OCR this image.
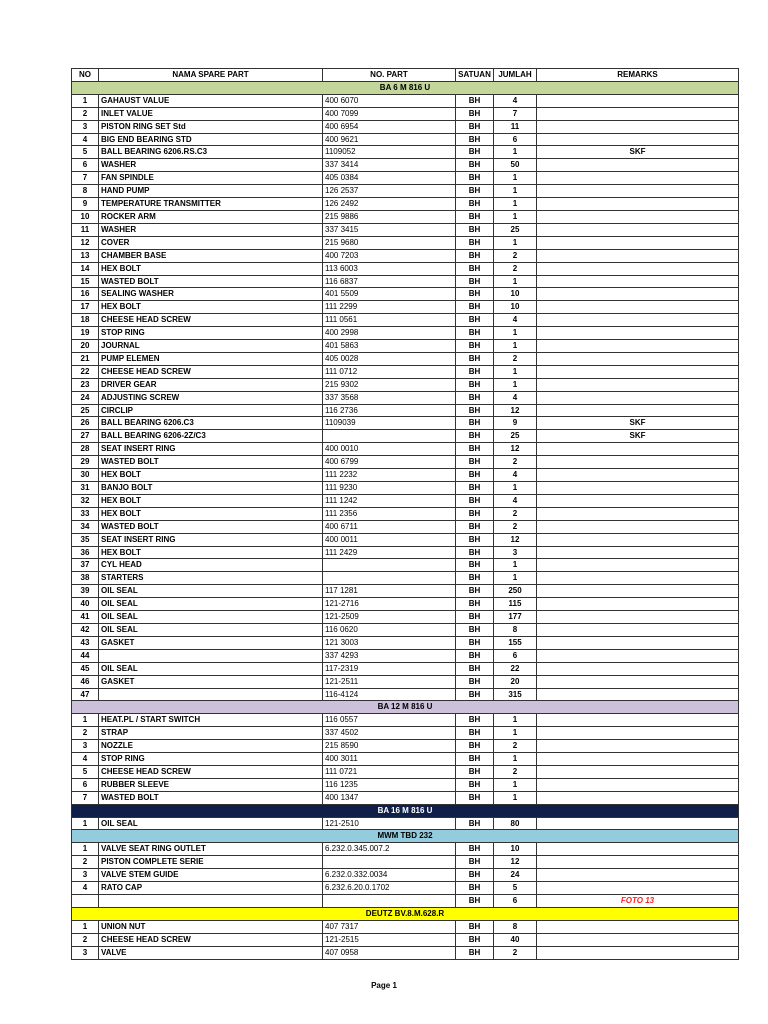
NO	NAMA SPARE PART	NO. PART	SATUAN	JUMLAH	REMARKS
BA 6 M 816 U					
1	GAHAUST VALUE	400 6070	BH	4	
2	INLET VALUE	400 7099	BH	7	
3	PISTON RING SET Std	400 6954	BH	11	
4	BIG END BEARING STD	400 9621	BH	6	
5	BALL BEARING 6206.RS.C3	1109052	BH	1	SKF
6	WASHER	337 3414	BH	50	
7	FAN SPINDLE	405 0384	BH	1	
8	HAND PUMP	126 2537	BH	1	
9	TEMPERATURE TRANSMITTER	126 2492	BH	1	
10	ROCKER ARM	215 9886	BH	1	
11	WASHER	337 3415	BH	25	
12	COVER	215 9680	BH	1	
13	CHAMBER BASE	400 7203	BH	2	
14	HEX BOLT	113 6003	BH	2	
15	WASTED BOLT	116 6837	BH	1	
16	SEALING WASHER	401 5509	BH	10	
17	HEX BOLT	111 2299	BH	10	
18	CHEESE HEAD SCREW	111 0561	BH	4	
19	STOP RING	400 2998	BH	1	
20	JOURNAL	401 5863	BH	1	
21	PUMP ELEMEN	405 0028	BH	2	
22	CHEESE HEAD SCREW	111 0712	BH	1	
23	DRIVER GEAR	215 9302	BH	1	
24	ADJUSTING SCREW	337 3568	BH	4	
25	CIRCLIP	116 2736	BH	12	
26	BALL BEARING 6206.C3	1109039	BH	9	SKF
27	BALL BEARING 6206-2Z/C3		BH	25	SKF
28	SEAT INSERT RING	400 0010	BH	12	
29	WASTED BOLT	400 6799	BH	2	
30	HEX BOLT	111 2232	BH	4	
31	BANJO BOLT	111 9230	BH	1	
32	HEX BOLT	111 1242	BH	4	
33	HEX BOLT	111 2356	BH	2	
34	WASTED BOLT	400 6711	BH	2	
35	SEAT INSERT RING	400 0011	BH	12	
36	HEX BOLT	111 2429	BH	3	
37	CYL HEAD		BH	1	
38	STARTERS		BH	1	
39	OIL SEAL	117 1281	BH	250	
40	OIL SEAL	121-2716	BH	115	
41	OIL SEAL	121-2509	BH	177	
42	OIL SEAL	116 0620	BH	8	
43	GASKET	121 3003	BH	155	
44		337 4293	BH	6	
45	OIL SEAL	117-2319	BH	22	
46	GASKET	121-2511	BH	20	
47		116-4124	BH	315	
BA 12 M 816 U					
1	HEAT.PL / START SWITCH	116 0557	BH	1	
2	STRAP	337 4502	BH	1	
3	NOZZLE	215 8590	BH	2	
4	STOP RING	400 3011	BH	1	
5	CHEESE HEAD SCREW	111 0721	BH	2	
6	RUBBER SLEEVE	116 1235	BH	1	
7	WASTED BOLT	400 1347	BH	1	
BA 16 M 816 U					
1	OIL SEAL	121-2510	BH	80	
MWM TBD 232					
1	VALVE SEAT RING OUTLET	6.232.0.345.007.2	BH	10	
2	PISTON COMPLETE SERIE		BH	12	
3	VALVE STEM GUIDE	6.232.0.332.0034	BH	24	
4	RATO CAP	6.232.6.20.0.1702	BH	5	
			BH	6	FOTO 13
DEUTZ BV.8.M.628.R					
1	UNION NUT	407 7317	BH	8	
2	CHEESE HEAD SCREW	121-2515	BH	40	
3	VALVE	407 0958	BH	2	
Page 1
